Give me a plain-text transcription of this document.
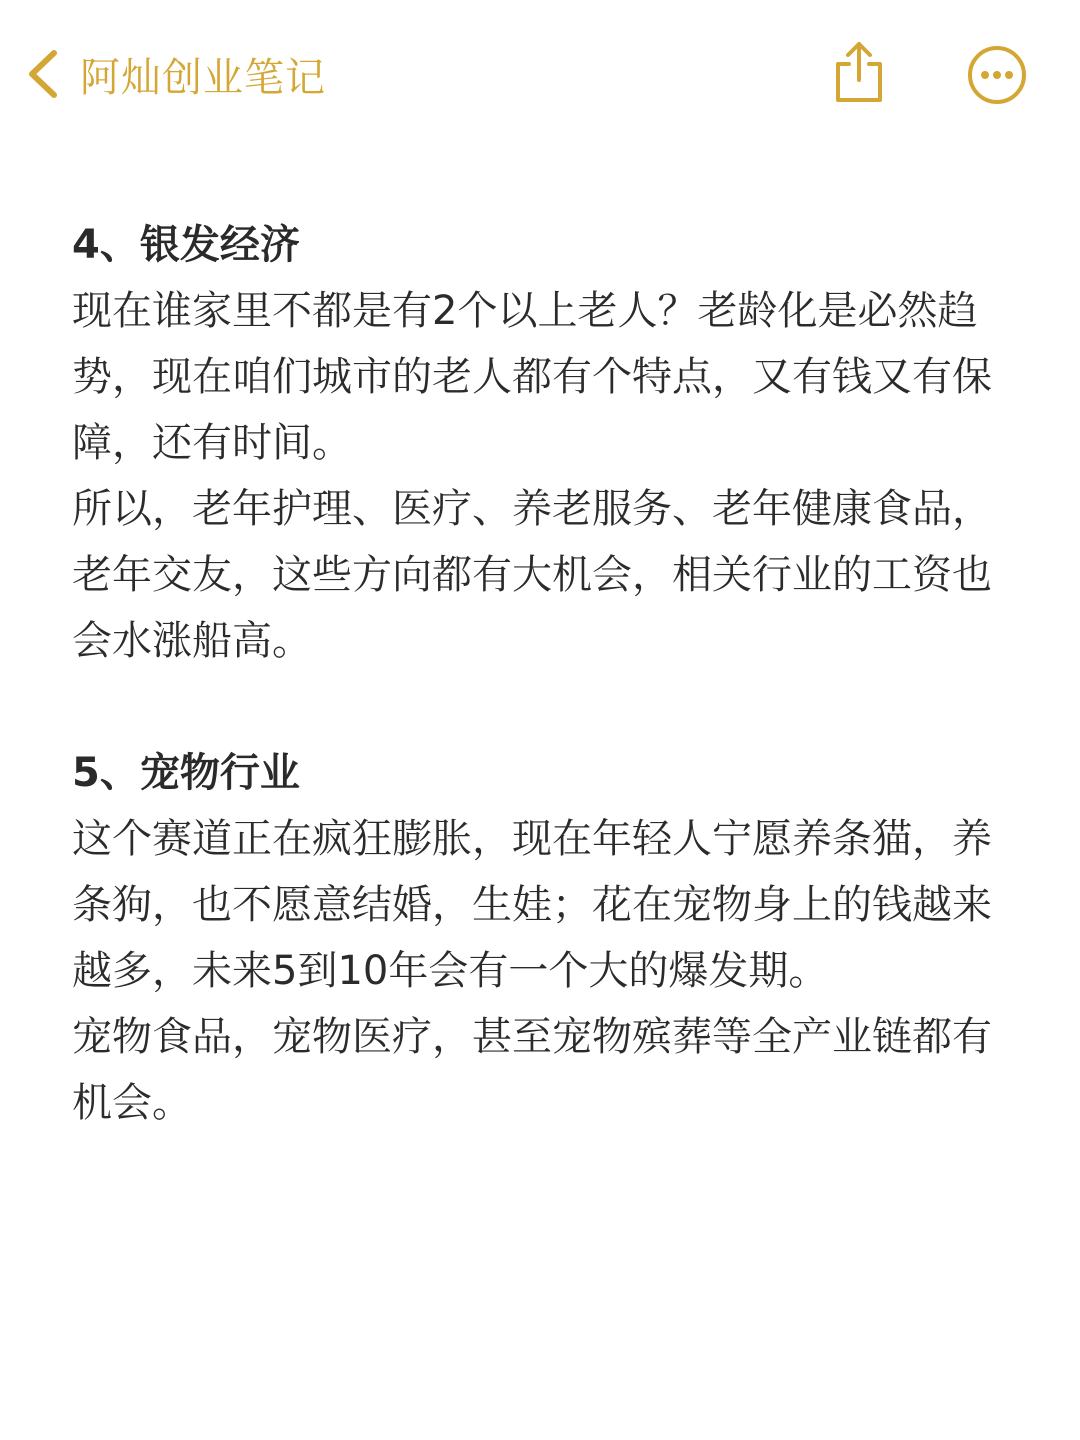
阿灿创业笔记
4、银发经济

现在谁家里不都是有2个以上老人？老龄化是必然趋势，现在咱们城市的老人都有个特点，又有钱又有保障，还有时间。

所以，老年护理、医疗、养老服务、老年健康食品，老年交友，这些方向都有大机会，相关行业的工资也会水涨船高。

5、宠物行业

这个赛道正在疯狂膨胀，现在年轻人宁愿养条猫，养条狗，也不愿意结婚，生娃；花在宠物身上的钱越来越多，未来5到10年会有一个大的爆发期。

宠物食品，宠物医疗，甚至宠物殡葬等全产业链都有机会。
